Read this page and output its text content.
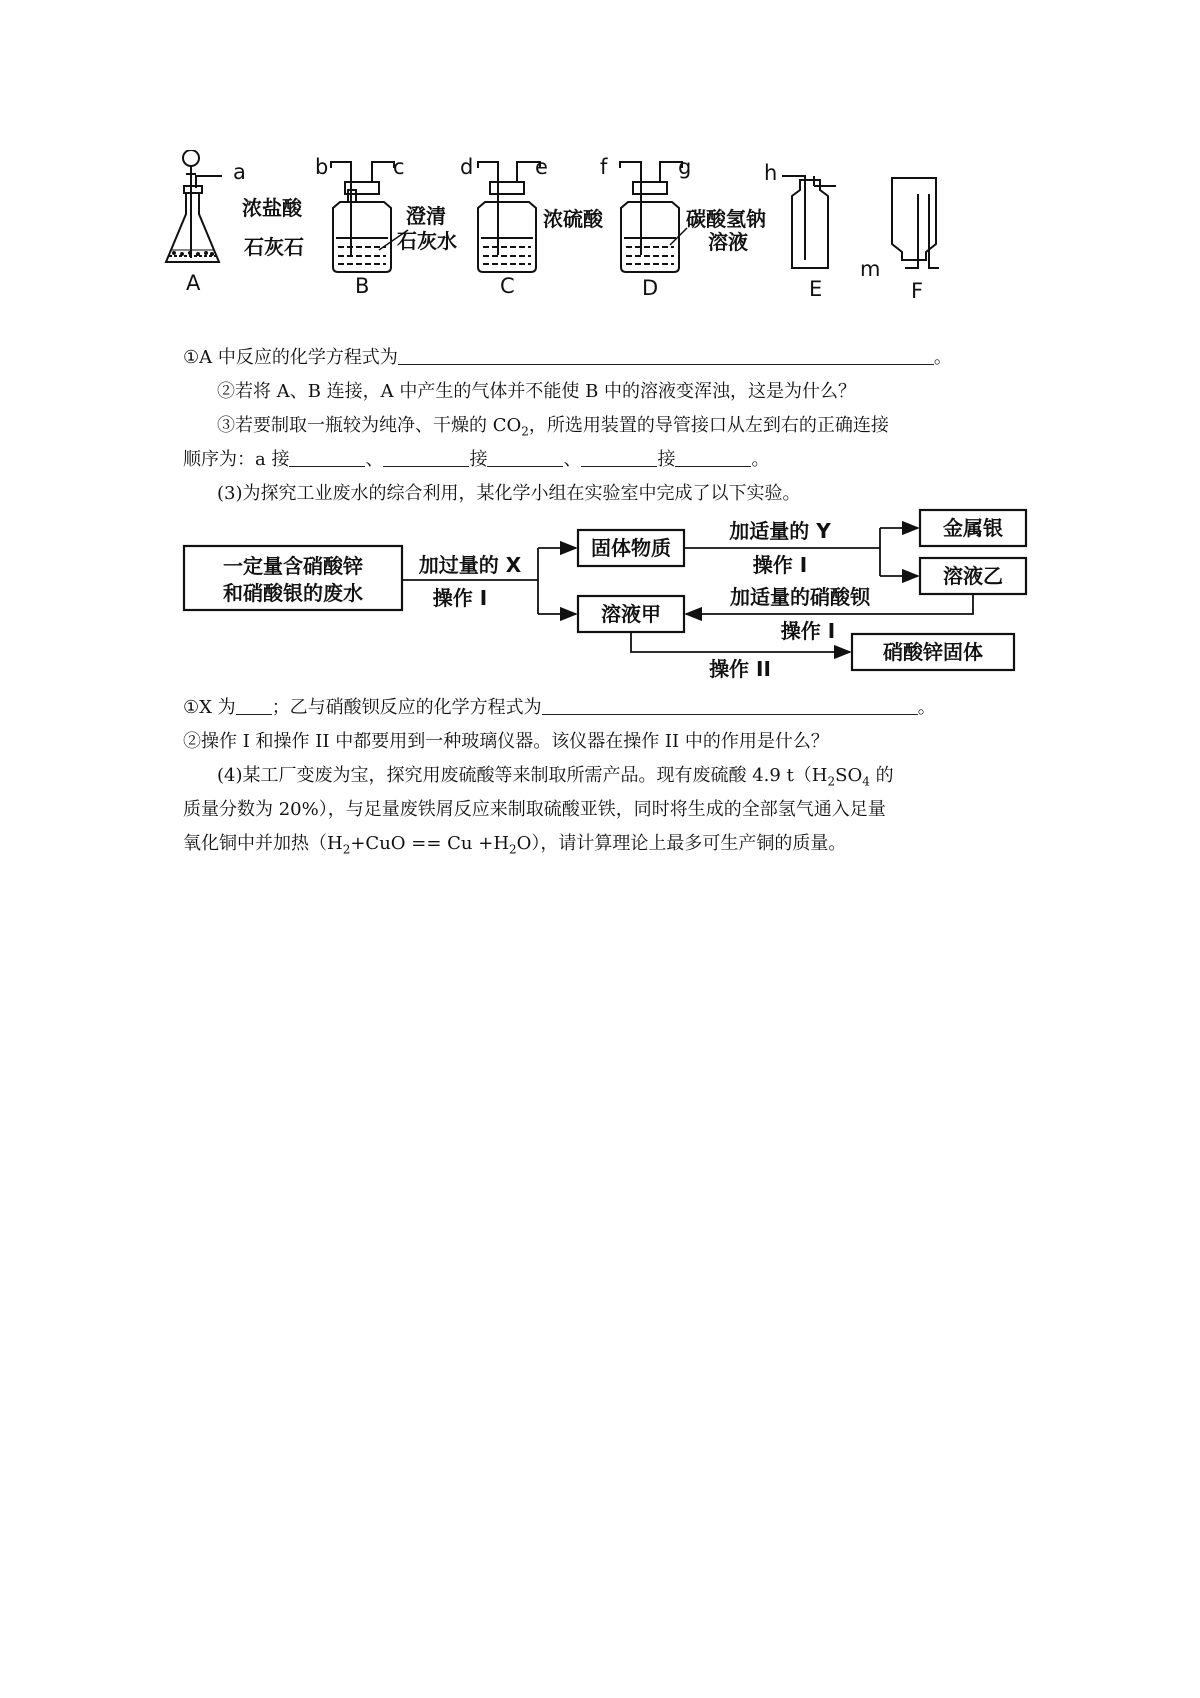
a	b	c	d	e f	g	h
m
浓盐酸
石灰石
澄清
石灰水
浓硫酸	碳酸氢钠
溶液
A	B	C	D	E	F
①A 中反应的化学方程式为	。
②若将 A、B 连接，A 中产生的气体并不能使 B 中的溶液变浑浊，这是为什么？
③若要制取一瓶较为纯净、干燥的 $CO_2$，所选用装置的导管接口从左到右的正确连接
顺序为：a 接	、	接	、	接	。
(3)为探究工业废水的综合利用，某化学小组在实验室中完成了以下实验。
一定量含硝酸锌
和硝酸银的废水
加过量的 X
操作 I
固体物质
加适量的 Y
操作 I
金属银
溶液乙
加适量的硝酸钡
操作 I
溶液甲
操作 II
硝酸锌固体
①X 为 ；乙与硝酸钡反应的化学方程式为	。
②操作 I 和操作 II 中都要用到一种玻璃仪器。该仪器在操作 II 中的作用是什么？
(4)某工厂变废为宝，探究用废硫酸等来制取所需产品。现有废硫酸 4.9 $t(H_2SO_4$ 的
质量分数为 20%），与足量废铁屑反应来制取硫酸亚铁，同时将生成的全部氢气通入足量
氧化铜中并加热$(H_2+CuO == Cu +H_2O)$，请计算理论上最多可生产铜的质量。
